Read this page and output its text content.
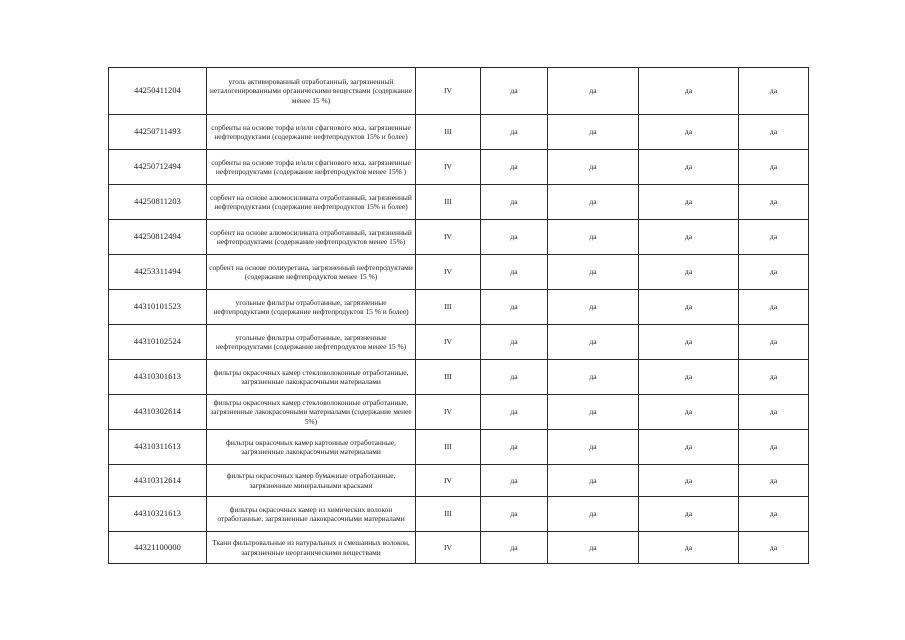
44250411204	уголь активированный отработанный, загрязненный неталогенированными органическими веществами (содержание менее 15 %)	IV	да	да	да	да
44250711493	сорбенты на основе торфа и/или сфагнового мха, загрязненные нефтепродуктами (содержание нефтепродуктов 15% и более)	III	да	да	да	да
44250712494	сорбенты на основе торфа и/или сфагнового мха, загрязненные нефтепродуктами (содержание нефтепродуктов менее 15% )	IV	да	да	да	да
44250811203	сорбент на основе алюмосиликата отработанный, загрязненный нефтепродуктами (содержание нефтепродуктов 15% и более)	III	да	да	да	да
44250812494	сорбент на основе алюмосиликата отработанный, загрязненный нефтепродуктами (содержание нефтепродуктов менее 15%)	IV	да	да	да	да
44253311494	сорбент на основе полиуретана, загрязненный нефтепродуктами (содержание нефтепродуктов менее 15 %)	IV	да	да	да	да
44310101523	угольные фильтры отработанные, загрязненные нефтепродуктами (содержание нефтепродуктов 15 % и более)	III	да	да	да	да
44310102524	угольные фильтры отработанные, загрязненные нефтепродуктами (содержание нефтепродуктов менее 15 %)	IV	да	да	да	да
44310301613	фильтры окрасочных камер стекловолоконные отработанные, загрязненные лакокрасочными материалами	III	да	да	да	да
44310302614	фильтры окрасочных камер стекловолоконные отработанные, загрязненные лакокрасочными материалами (содержание менее 5%)	IV	да	да	да	да
44310311613	фильтры окрасочных камер картонные отработанные, загрязненные лакокрасочными материалами	III	да	да	да	да
44310312614	фильтры окрасочных камер бумажные отработанные, загрязненные минеральными красками	IV	да	да	да	да
44310321613	фильтры окрасочных камер из химических волокон отработанные, загрязненные лакокрасочными материалами	III	да	да	да	да
44321100000	Ткани фильтровальные из натуральных и смешанных волокон, загрязненные неорганическими веществами	IV	да	да	да	да
